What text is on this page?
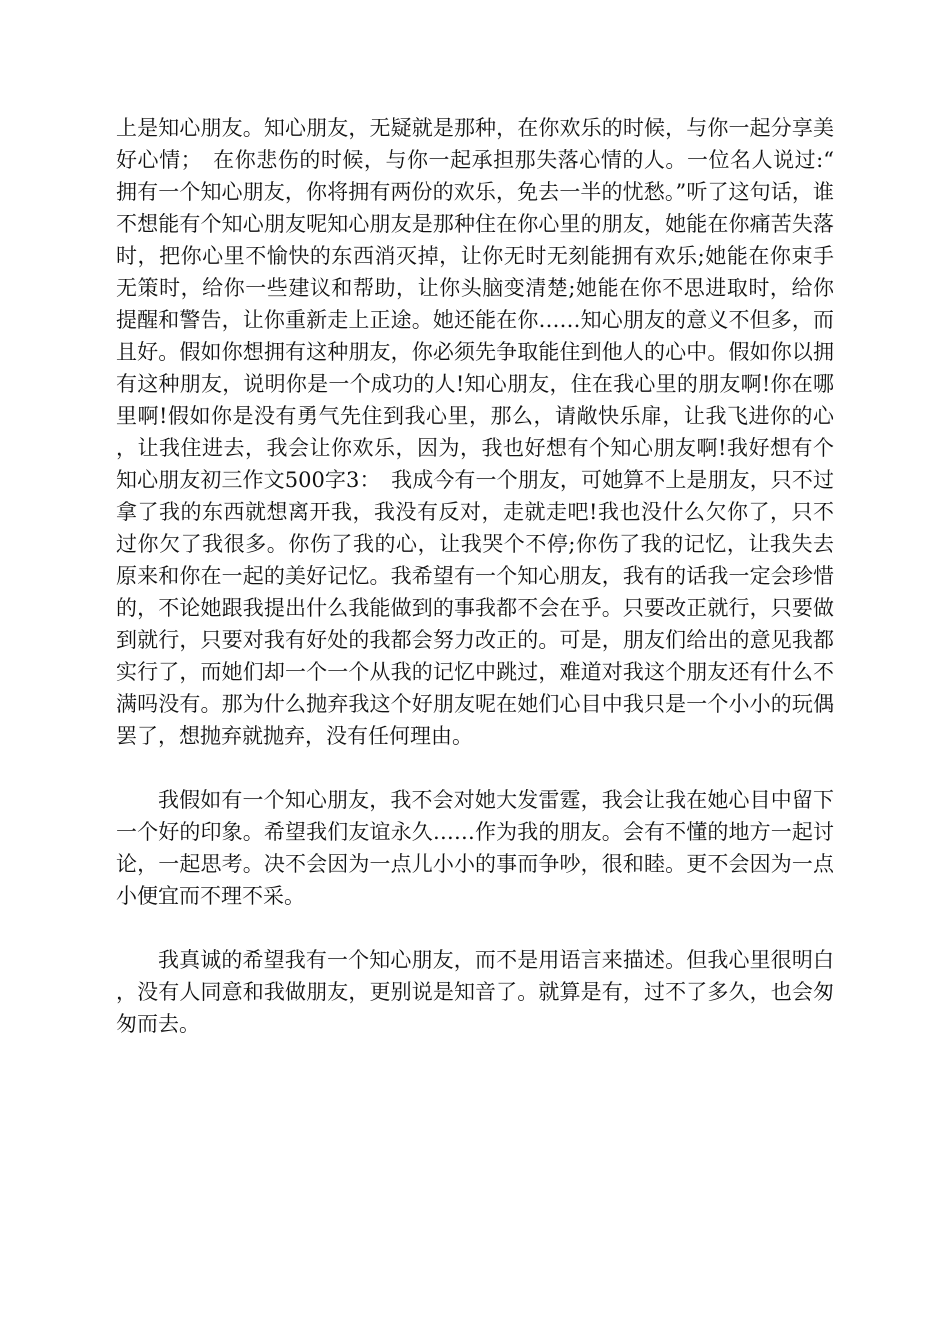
上是知心朋友。知心朋友，无疑就是那种，在你欢乐的时候，与你一起分享美好心情；　在你悲伤的时候，与你一起承担那失落心情的人。一位名人说过:“拥有一个知心朋友，你将拥有两份的欢乐，免去一半的忧愁。”听了这句话，谁不想能有个知心朋友呢知心朋友是那种住在你心里的朋友，她能在你痛苦失落时，把你心里不愉快的东西消灭掉，让你无时无刻能拥有欢乐;她能在你束手无策时，给你一些建议和帮助，让你头脑变清楚;她能在你不思进取时，给你提醒和警告，让你重新走上正途。她还能在你……知心朋友的意义不但多，而且好。假如你想拥有这种朋友，你必须先争取能住到他人的心中。假如你以拥有这种朋友，说明你是一个成功的人!知心朋友，住在我心里的朋友啊!你在哪里啊!假如你是没有勇气先住到我心里，那么，请敞快乐扉，让我飞进你的心，让我住进去，我会让你欢乐，因为，我也好想有个知心朋友啊!我好想有个知心朋友初三作文500字3：　我成今有一个朋友，可她算不上是朋友，只不过拿了我的东西就想离开我，我没有反对，走就走吧!我也没什么欠你了，只不过你欠了我很多。你伤了我的心，让我哭个不停;你伤了我的记忆，让我失去原来和你在一起的美好记忆。我希望有一个知心朋友，我有的话我一定会珍惜的，不论她跟我提出什么我能做到的事我都不会在乎。只要改正就行，只要做到就行，只要对我有好处的我都会努力改正的。可是，朋友们给出的意见我都实行了，而她们却一个一个从我的记忆中跳过，难道对我这个朋友还有什么不满吗没有。那为什么抛弃我这个好朋友呢在她们心目中我只是一个小小的玩偶罢了，想抛弃就抛弃，没有任何理由。

我假如有一个知心朋友，我不会对她大发雷霆，我会让我在她心目中留下一个好的印象。希望我们友谊永久……作为我的朋友。会有不懂的地方一起讨论，一起思考。决不会因为一点儿小小的事而争吵，很和睦。更不会因为一点小便宜而不理不采。

我真诚的希望我有一个知心朋友，而不是用语言来描述。但我心里很明白，没有人同意和我做朋友，更别说是知音了。就算是有，过不了多久，也会匆匆而去。
